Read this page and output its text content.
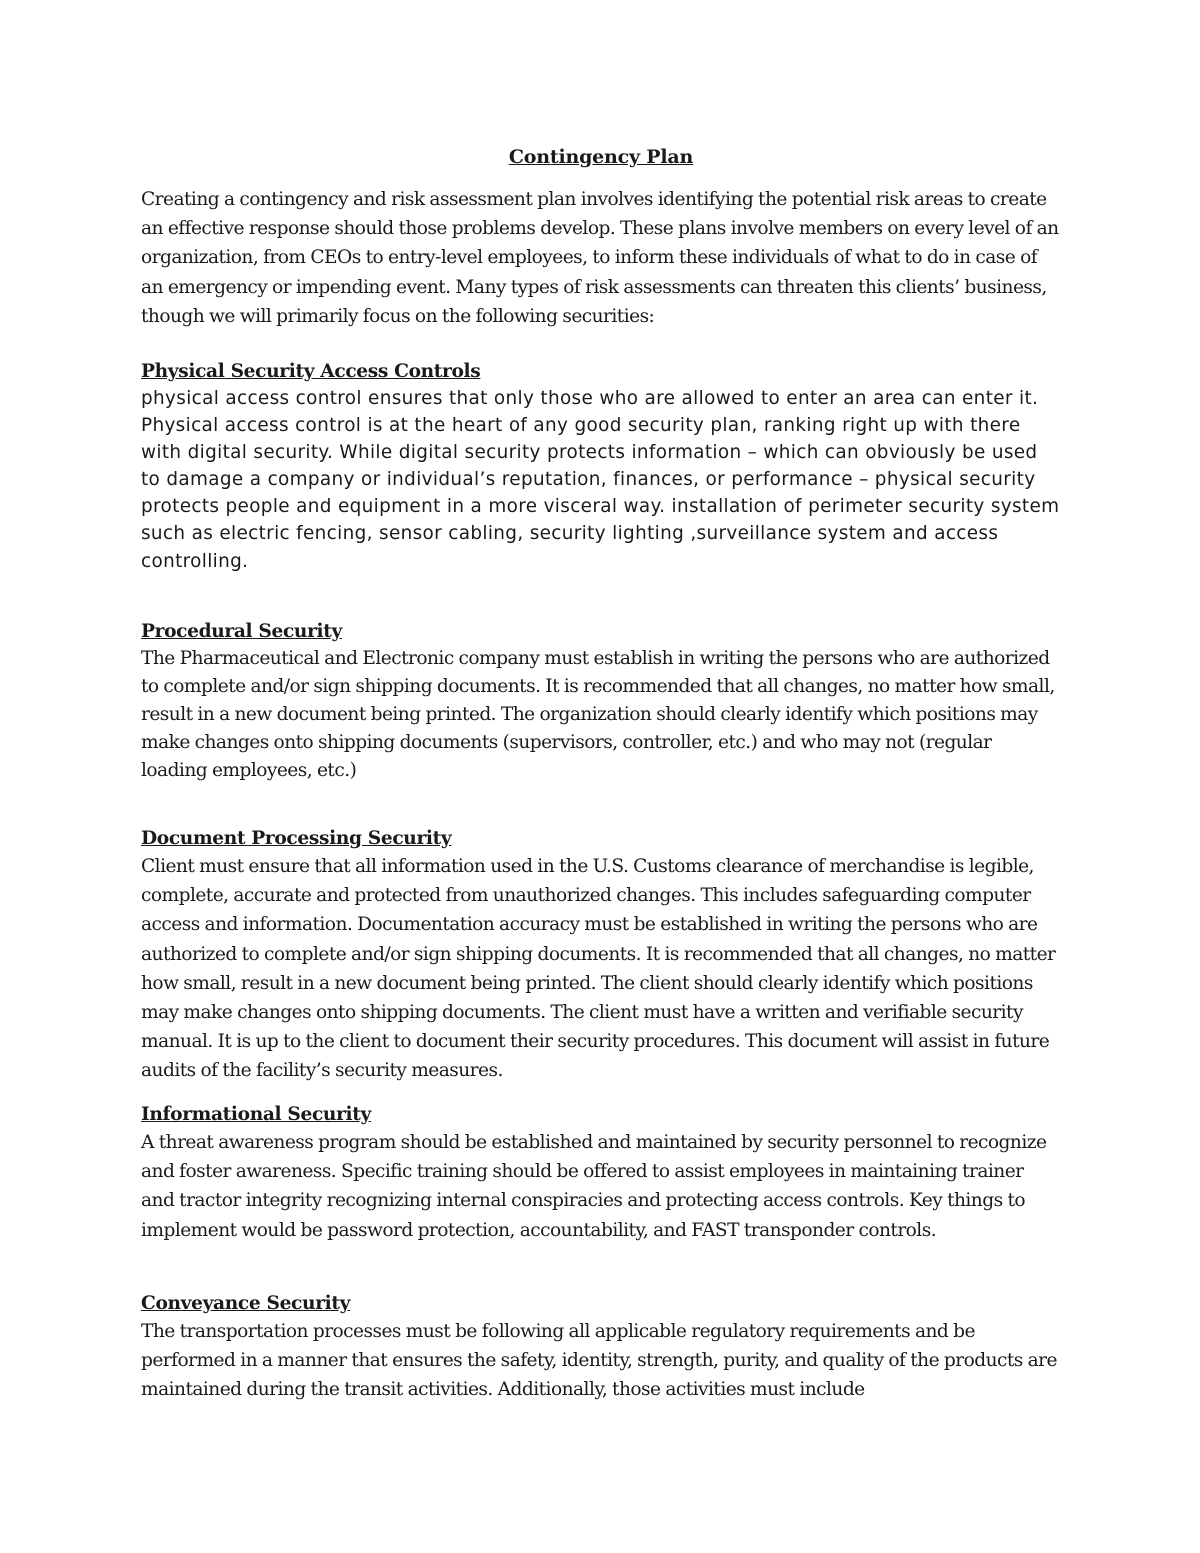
Contingency Plan

Creating a contingency and risk assessment plan involves identifying the potential risk areas to create an effective response should those problems develop. These plans involve members on every level of an organization, from CEOs to entry-level employees, to inform these individuals of what to do in case of an emergency or impending event. Many types of risk assessments can threaten this clients’ business, though we will primarily focus on the following securities:

Physical Security Access Controls

physical access control ensures that only those who are allowed to enter an area can enter it. Physical access control is at the heart of any good security plan, ranking right up with there with digital security. While digital security protects information – which can obviously be used to damage a company or individual’s reputation, finances, or performance – physical security protects people and equipment in a more visceral way. installation of perimeter security system such as electric fencing, sensor cabling, security lighting ,surveillance system and access controlling.

Procedural Security

The Pharmaceutical and Electronic company must establish in writing the persons who are authorized to complete and/or sign shipping documents. It is recommended that all changes, no matter how small, result in a new document being printed. The organization should clearly identify which positions may make changes onto shipping documents (supervisors, controller, etc.) and who may not (regular loading employees, etc.)

Document Processing Security

Client must ensure that all information used in the U.S. Customs clearance of merchandise is legible, complete, accurate and protected from unauthorized changes. This includes safeguarding computer access and information. Documentation accuracy must be established in writing the persons who are authorized to complete and/or sign shipping documents. It is recommended that all changes, no matter how small, result in a new document being printed. The client should clearly identify which positions may make changes onto shipping documents. The client must have a written and verifiable security manual. It is up to the client to document their security procedures. This document will assist in future audits of the facility’s security measures.

Informational Security

A threat awareness program should be established and maintained by security personnel to recognize and foster awareness. Specific training should be offered to assist employees in maintaining trainer and tractor integrity recognizing internal conspiracies and protecting access controls. Key things to implement would be password protection, accountability, and FAST transponder controls.

Conveyance Security

The transportation processes must be following all applicable regulatory requirements and be performed in a manner that ensures the safety, identity, strength, purity, and quality of the products are maintained during the transit activities. Additionally, those activities must include
